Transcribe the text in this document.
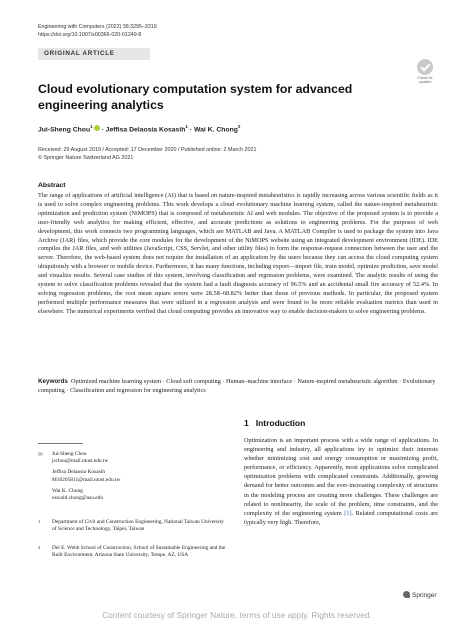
Engineering with Computers (2022) 38:3295–3319
https://doi.org/10.1007/s00366-020-01249-8
ORIGINAL ARTICLE
Check for updates
Cloud evolutionary computation system for advanced engineering analytics
Jui‑Sheng Chou$^1$ · Jeffisa Delaosia Kosasih$^1$ · Wai K. Chong$^2$
Received: 29 August 2019 / Accepted: 17 December 2020 / Published online: 2 March 2021
© Springer Nature Switzerland AG 2021
Abstract

The range of applications of artificial intelligence (AI) that is based on nature-inspired metaheuristics is rapidly increasing across various scientific fields as it is used to solve complex engineering problems. This work develops a cloud evolutionary machine learning system, called the nature-inspired metaheuristic optimization and prediction system (NiMOPS) that is composed of metaheuristic AI and web modules. The objective of the proposed system is to provide a user-friendly web analytics for making efficient, effective, and accurate predictions as solutions to engineering problems. For the purposes of web development, this work connects two programming languages, which are MATLAB and Java. A MATLAB Compiler is used to package the system into Java Archive (JAR) files, which provide the core modules for the development of the NiMOPS website using an integrated development environment (IDE). IDE compiles the JAR files, and web utilities (JavaScript, CSS, Servlet, and other utility files) to form the response-request connection between the user and the server. Therefore, the web-based system does not require the installation of an application by the users because they can access the cloud computing system ubiquitously with a browser or mobile device. Furthermore, it has many functions, including export—import file, train model, optimize prediction, save model and visualize results. Several case studies of this system, involving classification and regression problems, were examined. The analytic results of using the system to solve classification problems revealed that the system had a fault diagnosis accuracy of 96.5% and an accidental small fire accuracy of 52.4%. In solving regression problems, the root mean square errors were 28.58–68.82% better than those of previous methods. In particular, the proposed system performed multiple performance measures that were utilized in a regression analysis and were found to be more reliable evaluation metrics than used in elsewhere. The numerical experiments verified that cloud computing provides an innovative way to enable decision-makers to solve engineering problems.

Keywords Optimized machine learning system · Cloud soft computing · Human–machine interface · Nature-inspired metaheuristic algorithm · Evolutionary computing · Classification and regression for engineering analytics

1 Introduction

Optimization is an important process with a wide range of applications. In engineering and industry, all applications try to optimize their interests whether minimizing cost and energy consumption or maximizing profit, performance, or efficiency. Apparently, most applications solve complicated optimization problems with complicated constraints. Additionally, growing demand for better outcomes and the ever-increasing complexity of structures in the modeling process are creating more challenges. These challenges are related to nonlinearity, the scale of the problem, time constraints, and the complexity of the engineering system [1]. Related computational costs are typically very high. Therefore,

✉ Jui‑Sheng Chou
jschou@mail.ntust.edu.tw
Jeffisa Delaosia Kosasih
M10205811@mail.ntust.edu.tw
Wai K. Chong
oswald.chong@asu.edu
1 Department of Civil and Construction Engineering, National Taiwan University of Science and Technology, Taipei, Taiwan
2 Del E. Webb School of Construction, School of Sustainable Engineering and the Built Environment, Arizona State University, Tempe, AZ, USA
Springer
Content courtesy of Springer Nature, terms of use apply. Rights reserved.
